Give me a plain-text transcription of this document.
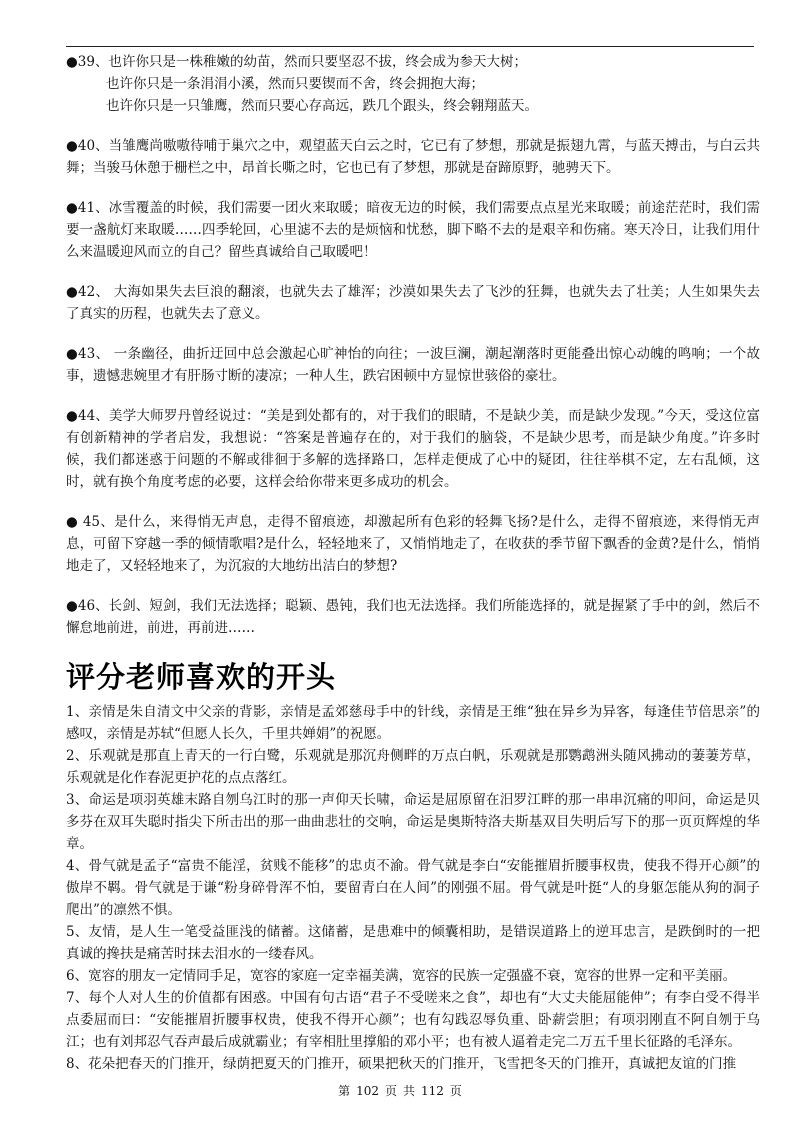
●39、也许你只是一株稚嫩的幼苗，然而只要坚忍不拔，终会成为参天大树；
也许你只是一条涓涓小溪，然而只要锲而不舍，终会拥抱大海；
也许你只是一只雏鹰，然而只要心存高远，跌几个跟头，终会翱翔蓝天。

●40、当雏鹰尚嗷嗷待哺于巢穴之中，观望蓝天白云之时，它已有了梦想，那就是振翅九霄，与蓝天搏击，与白云共舞；当骏马休憩于栅栏之中，昂首长嘶之时，它也已有了梦想，那就是奋蹄原野，驰骋天下。

●41、冰雪覆盖的时候，我们需要一团火来取暖；暗夜无边的时候，我们需要点点星光来取暖；前途茫茫时，我们需要一盏航灯来取暖……四季轮回，心里滤不去的是烦恼和忧愁，脚下略不去的是艰辛和伤痛。寒天冷日，让我们用什么来温暖迎风而立的自己？留些真诚给自己取暖吧！

●42、 大海如果失去巨浪的翻滚，也就失去了雄浑；沙漠如果失去了飞沙的狂舞，也就失去了壮美；人生如果失去了真实的历程，也就失去了意义。

●43、 一条幽径，曲折迂回中总会激起心旷神怡的向往；一波巨澜，潮起潮落时更能叠出惊心动魄的鸣响；一个故事，遗憾悲婉里才有肝肠寸断的凄凉；一种人生，跌宕困顿中方显惊世骇俗的豪壮。

●44、美学大师罗丹曾经说过：“美是到处都有的，对于我们的眼睛，不是缺少美，而是缺少发现。”今天，受这位富有创新精神的学者启发，我想说：“答案是普遍存在的，对于我们的脑袋，不是缺少思考，而是缺少角度。”许多时候，我们都迷惑于问题的不解或徘徊于多解的选择路口，怎样走便成了心中的疑团，往往举棋不定，左右乱倾，这时，就有换个角度考虑的必要，这样会给你带来更多成功的机会。

● 45、是什么，来得悄无声息，走得不留痕迹，却激起所有色彩的轻舞飞扬?是什么，走得不留痕迹，来得悄无声息，可留下穿越一季的倾情歌唱?是什么，轻轻地来了，又悄悄地走了，在收获的季节留下飘香的金黄?是什么，悄悄地走了，又轻轻地来了，为沉寂的大地纺出洁白的梦想?

●46、长剑、短剑，我们无法选择；聪颖、愚钝，我们也无法选择。我们所能选择的，就是握紧了手中的剑，然后不懈怠地前进，前进，再前进……

评分老师喜欢的开头

1、亲情是朱自清文中父亲的背影，亲情是孟郊慈母手中的针线，亲情是王维“独在异乡为异客，每逢佳节倍思亲”的感叹，亲情是苏轼“但愿人长久，千里共婵娟”的祝愿。

2、乐观就是那直上青天的一行白鹭，乐观就是那沉舟侧畔的万点白帆，乐观就是那鹦鹉洲头随风拂动的萋萋芳草，乐观就是化作春泥更护花的点点落红。

3、命运是项羽英雄末路自刎乌江时的那一声仰天长啸，命运是屈原留在汨罗江畔的那一串串沉痛的叩问，命运是贝多芬在双耳失聪时指尖下所击出的那一曲曲悲壮的交响，命运是奥斯特洛夫斯基双目失明后写下的那一页页辉煌的华章。

4、骨气就是孟子“富贵不能淫，贫贱不能移”的忠贞不渝。骨气就是李白“安能摧眉折腰事权贵，使我不得开心颜”的傲岸不羁。骨气就是于谦“粉身碎骨浑不怕，要留青白在人间”的刚强不屈。骨气就是叶挺“人的身躯怎能从狗的洞子爬出”的凛然不惧。

5、友情，是人生一笔受益匪浅的储蓄。这储蓄，是患难中的倾囊相助，是错误道路上的逆耳忠言，是跌倒时的一把真诚的搀扶是痛苦时抹去泪水的一缕春风。

6、宽容的朋友一定情同手足，宽容的家庭一定幸福美满，宽容的民族一定强盛不衰，宽容的世界一定和平美丽。

7、每个人对人生的价值都有困惑。中国有句古语“君子不受嗟来之食”，却也有“大丈夫能屈能伸”；有李白受不得半点委屈而曰：“安能摧眉折腰事权贵，使我不得开心颜”；也有勾践忍辱负重、卧薪尝胆；有项羽刚直不阿自刎于乌江；也有刘邦忍气吞声最后成就霸业；有宰相肚里撑船的邓小平；也有被人逼着走完二万五千里长征路的毛泽东。

8、花朵把春天的门推开，绿荫把夏天的门推开，硕果把秋天的门推开，飞雪把冬天的门推开，真诚把友谊的门推

第 102 页 共 112 页
